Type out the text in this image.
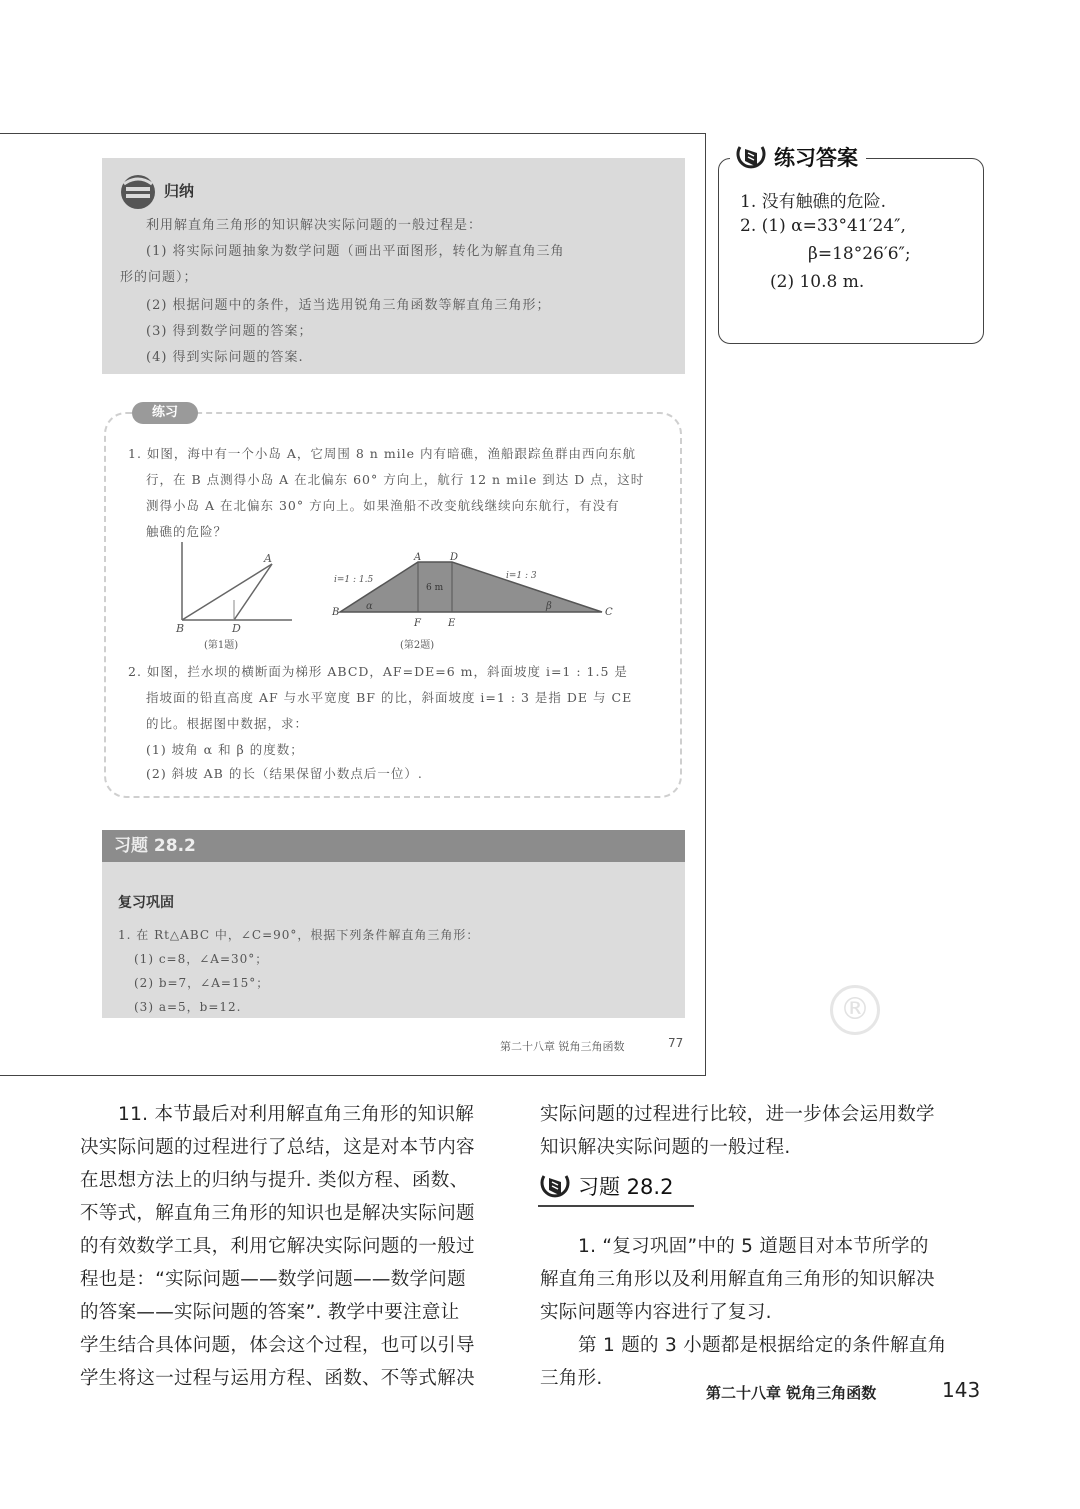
归纳
利用解直角三角形的知识解决实际问题的一般过程是：
(1) 将实际问题抽象为数学问题（画出平面图形，转化为解直角三角
形的问题）；
(2) 根据问题中的条件，适当选用锐角三角函数等解直角三角形；
(3) 得到数学问题的答案；
(4) 得到实际问题的答案.
练习
1. 如图，海中有一个小岛 A，它周围 8 n mile 内有暗礁，渔船跟踪鱼群由西向东航
行，在 B 点测得小岛 A 在北偏东 60° 方向上，航行 12 n mile 到达 D 点，这时
测得小岛 A 在北偏东 30° 方向上。如果渔船不改变航线继续向东航行，有没有
触礁的危险？
A
B	D
(第1题)
A	D
B	C
F	E
α	β
6 m
i=1 : 1.5	i=1 : 3
(第2题)
2. 如图，拦水坝的横断面为梯形 ABCD，AF=DE=6 m，斜面坡度 i=1 : 1.5 是
指坡面的铅直高度 AF 与水平宽度 BF 的比，斜面坡度 i=1 : 3 是指 DE 与 CE
的比。根据图中数据，求：
(1) 坡角 α 和 β 的度数；
(2) 斜坡 AB 的长（结果保留小数点后一位）.
习题 28.2
复习巩固
1. 在 Rt△ABC 中，∠C=90°，根据下列条件解直角三角形：
(1) c=8，∠A=30°；
(2) b=7，∠A=15°；
(3) a=5，b=12.
第二十八章 锐角三角函数	77
®
练习答案
1. 没有触礁的危险.
2. (1) α=33°41′24″,
β=18°26′6″;
(2) 10.8 m.
11. 本节最后对利用解直角三角形的知识解
决实际问题的过程进行了总结，这是对本节内容
在思想方法上的归纳与提升. 类似方程、函数、
不等式，解直角三角形的知识也是解决实际问题
的有效数学工具，利用它解决实际问题的一般过
程也是：“实际问题——数学问题——数学问题
的答案——实际问题的答案”. 教学中要注意让
学生结合具体问题，体会这个过程，也可以引导
学生将这一过程与运用方程、函数、不等式解决
实际问题的过程进行比较，进一步体会运用数学
知识解决实际问题的一般过程.
习题 28.2
1. “复习巩固”中的 5 道题目对本节所学的
解直角三角形以及利用解直角三角形的知识解决
实际问题等内容进行了复习.
第 1 题的 3 小题都是根据给定的条件解直角
三角形.
第二十八章 锐角三角函数	143
